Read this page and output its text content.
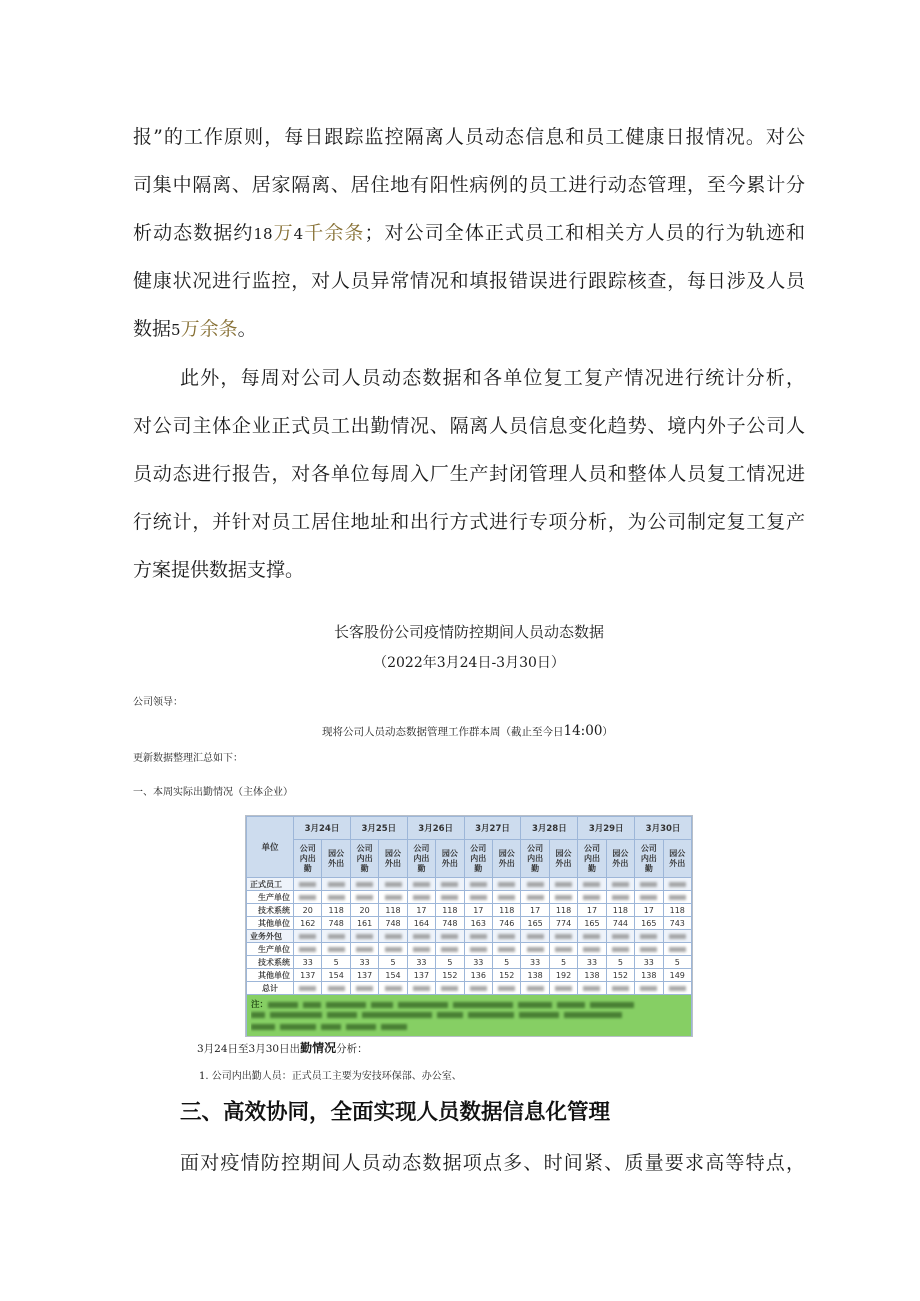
报”的工作原则，每日跟踪监控隔离人员动态信息和员工健康日报情况。对公
司集中隔离、居家隔离、居住地有阳性病例的员工进行动态管理，至今累计分
析动态数据约18万4千余条；对公司全体正式员工和相关方人员的行为轨迹和
健康状况进行监控，对人员异常情况和填报错误进行跟踪核查，每日涉及人员
数据5万余条。
此外，每周对公司人员动态数据和各单位复工复产情况进行统计分析，
对公司主体企业正式员工出勤情况、隔离人员信息变化趋势、境内外子公司人
员动态进行报告，对各单位每周入厂生产封闭管理人员和整体人员复工情况进
行统计，并针对员工居住地址和出行方式进行专项分析，为公司制定复工复产
方案提供数据支撑。
长客股份公司疫情防控期间人员动态数据
（2022年3月24日-3月30日）
公司领导：
现将公司人员动态数据管理工作群本周（截止至今日14:00）
更新数据整理汇总如下：
一、本周实际出勤情况（主体企业）
单位	3月24日		3月25日		3月26日		3月27日		3月28日		3月29日		3月30日	
	公司内出勤	园公外出	公司内出勤	园公外出	公司内出勤	园公外出	公司内出勤	园公外出	公司内出勤	园公外出	公司内出勤	园公外出	公司内出勤	园公外出
正式员工														
生产单位														
技术系统	20	118	20	118	17	118	17	118	17	118	17	118	17	118
其他单位	162	748	161	748	164	748	163	746	165	774	165	744	165	743
业务外包														
生产单位														
技术系统	33	5	33	5	33	5	33	5	33	5	33	5	33	5
其他单位	137	154	137	154	137	152	136	152	138	192	138	152	138	149
总计														

注：														
3月24日至3月30日出勤情况分析：
1. 公司内出勤人员：正式员工主要为安技环保部、办公室、
三、高效协同，全面实现人员数据信息化管理
面对疫情防控期间人员动态数据项点多、时间紧、质量要求高等特点，
